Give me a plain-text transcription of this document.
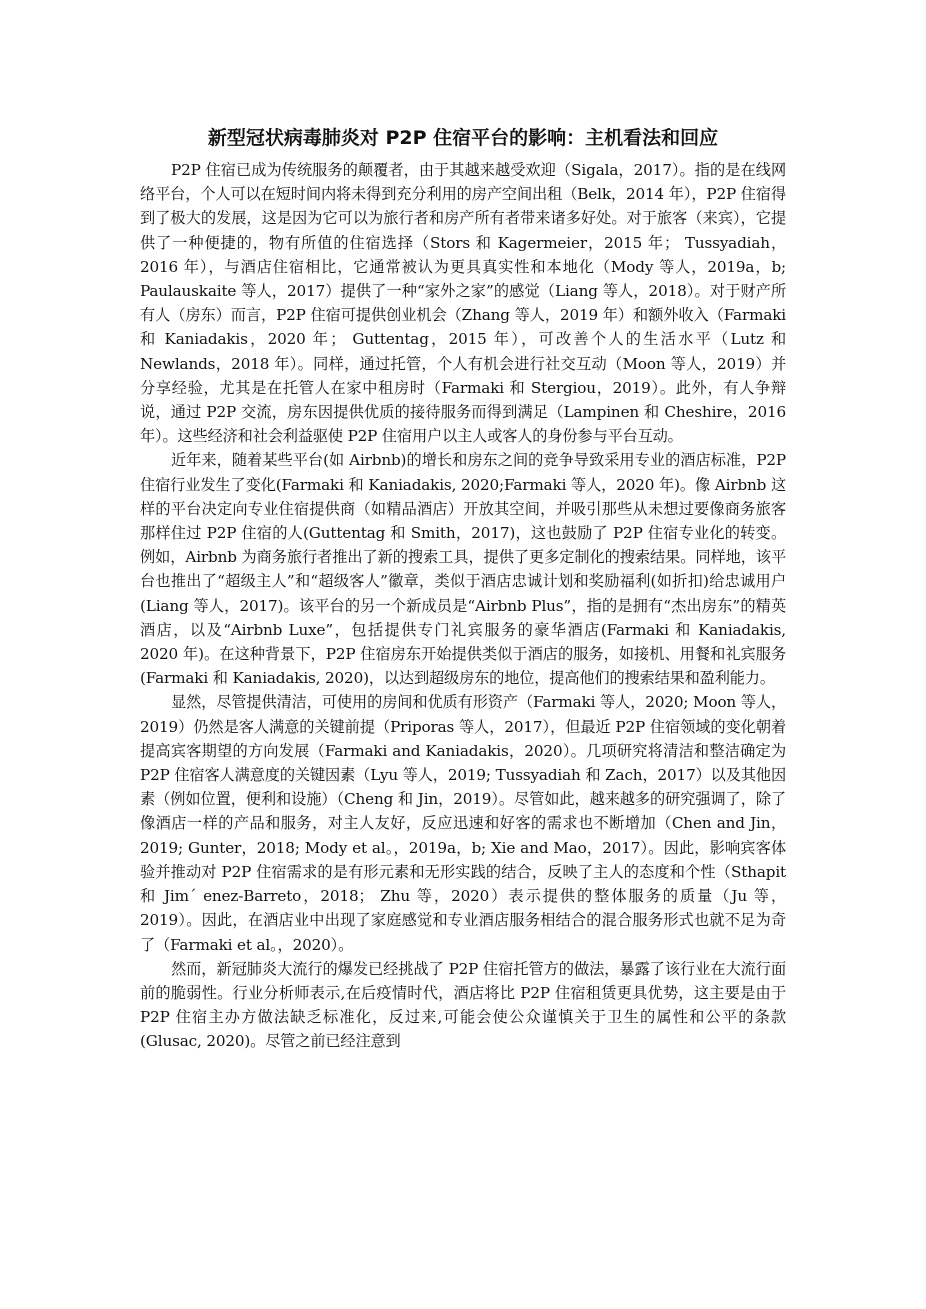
新型冠状病毒肺炎对 P2P 住宿平台的影响：主机看法和回应

P2P 住宿已成为传统服务的颠覆者，由于其越来越受欢迎（Sigala，2017）。指的是在线网络平台，个人可以在短时间内将未得到充分利用的房产空间出租（Belk，2014 年），P2P 住宿得到了极大的发展，这是因为它可以为旅行者和房产所有者带来诸多好处。对于旅客（来宾），它提供了一种便捷的，物有所值的住宿选择（Stors 和 Kagermeier，2015 年； Tussyadiah，2016 年），与酒店住宿相比，它通常被认为更具真实性和本地化（Mody 等人，2019a，b; Paulauskaite 等人，2017）提供了一种“家外之家”的感觉（Liang 等人，2018）。对于财产所有人（房东）而言，P2P 住宿可提供创业机会（Zhang 等人，2019 年）和额外收入（Farmaki 和 Kaniadakis，2020 年； Guttentag，2015 年），可改善个人的生活水平（Lutz 和 Newlands，2018 年）。同样，通过托管，个人有机会进行社交互动（Moon 等人，2019）并分享经验，尤其是在托管人在家中租房时（Farmaki 和 Stergiou，2019）。此外，有人争辩说，通过 P2P 交流，房东因提供优质的接待服务而得到满足（Lampinen 和 Cheshire，2016 年）。这些经济和社会利益驱使 P2P 住宿用户以主人或客人的身份参与平台互动。

近年来，随着某些平台(如 Airbnb)的增长和房东之间的竞争导致采用专业的酒店标准，P2P 住宿行业发生了变化(Farmaki 和 Kaniadakis, 2020;Farmaki 等人，2020 年)。像 Airbnb 这样的平台决定向专业住宿提供商（如精品酒店）开放其空间，并吸引那些从未想过要像商务旅客那样住过 P2P 住宿的人(Guttentag 和 Smith，2017)，这也鼓励了 P2P 住宿专业化的转变。例如，Airbnb 为商务旅行者推出了新的搜索工具，提供了更多定制化的搜索结果。同样地，该平台也推出了“超级主人”和“超级客人”徽章，类似于酒店忠诚计划和奖励福利(如折扣)给忠诚用户(Liang 等人，2017)。该平台的另一个新成员是“Airbnb Plus”，指的是拥有“杰出房东”的精英酒店，以及“Airbnb Luxe”，包括提供专门礼宾服务的豪华酒店(Farmaki 和 Kaniadakis, 2020 年)。在这种背景下，P2P 住宿房东开始提供类似于酒店的服务，如接机、用餐和礼宾服务(Farmaki 和 Kaniadakis, 2020)，以达到超级房东的地位，提高他们的搜索结果和盈利能力。

显然，尽管提供清洁，可使用的房间和优质有形资产（Farmaki 等人，2020; Moon 等人，2019）仍然是客人满意的关键前提（Priporas 等人，2017），但最近 P2P 住宿领域的变化朝着提高宾客期望的方向发展（Farmaki and Kaniadakis，2020）。几项研究将清洁和整洁确定为 P2P 住宿客人满意度的关键因素（Lyu 等人，2019; Tussyadiah 和 Zach，2017）以及其他因素（例如位置，便利和设施）（Cheng 和 Jin，2019）。尽管如此，越来越多的研究强调了，除了像酒店一样的产品和服务，对主人友好，反应迅速和好客的需求也不断增加（Chen and Jin，2019; Gunter，2018; Mody et al。，2019a，b; Xie and Mao，2017）。因此，影响宾客体验并推动对 P2P 住宿需求的是有形元素和无形实践的结合，反映了主人的态度和个性（Sthapit 和 Jim´ enez-Barreto，2018； Zhu 等，2020）表示提供的整体服务的质量（Ju 等，2019）。因此，在酒店业中出现了家庭感觉和专业酒店服务相结合的混合服务形式也就不足为奇了（Farmaki et al。，2020）。

然而，新冠肺炎大流行的爆发已经挑战了 P2P 住宿托管方的做法，暴露了该行业在大流行面前的脆弱性。行业分析师表示,在后疫情时代，酒店将比 P2P 住宿租赁更具优势，这主要是由于 P2P 住宿主办方做法缺乏标准化，反过来,可能会使公众谨慎关于卫生的属性和公平的条款(Glusac, 2020)。尽管之前已经注意到
